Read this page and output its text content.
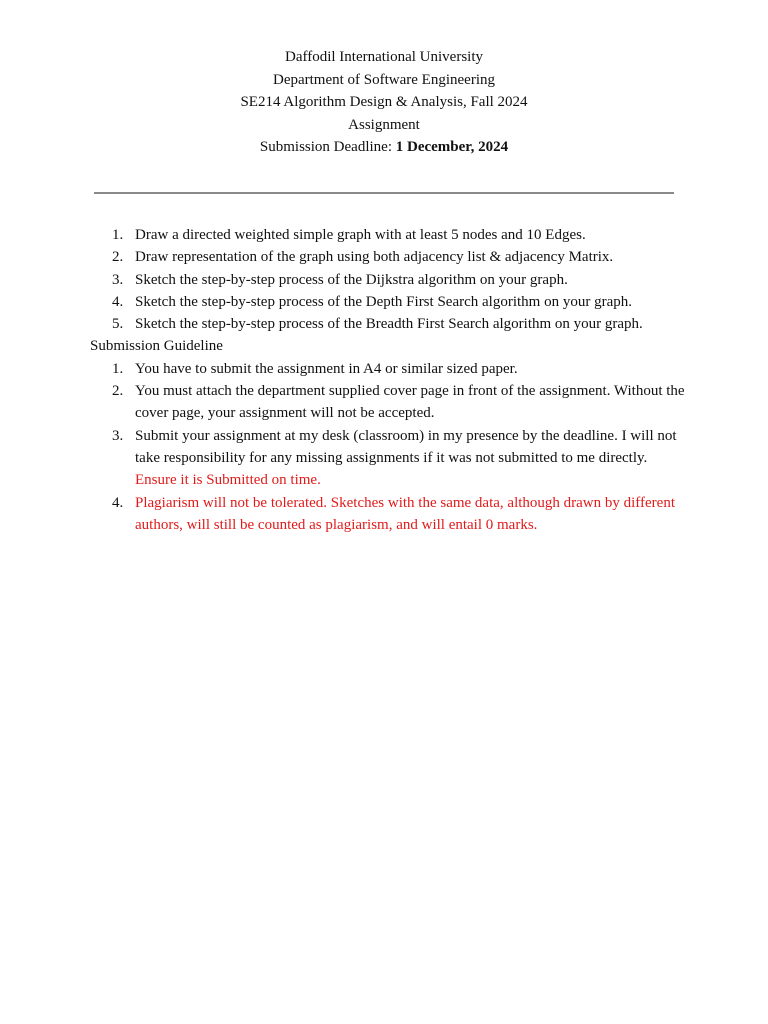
Daffodil International University
Department of Software Engineering
SE214 Algorithm Design & Analysis, Fall 2024
Assignment
Submission Deadline: 1 December, 2024
1. Draw a directed weighted simple graph with at least 5 nodes and 10 Edges.
2. Draw representation of the graph using both adjacency list & adjacency Matrix.
3. Sketch the step-by-step process of the Dijkstra algorithm on your graph.
4. Sketch the step-by-step process of the Depth First Search algorithm on your graph.
5. Sketch the step-by-step process of the Breadth First Search algorithm on your graph.
Submission Guideline
1. You have to submit the assignment in A4 or similar sized paper.
2. You must attach the department supplied cover page in front of the assignment. Without the cover page, your assignment will not be accepted.
3. Submit your assignment at my desk (classroom) in my presence by the deadline. I will not take responsibility for any missing assignments if it was not submitted to me directly. Ensure it is Submitted on time.
4. Plagiarism will not be tolerated. Sketches with the same data, although drawn by different authors, will still be counted as plagiarism, and will entail 0 marks.
